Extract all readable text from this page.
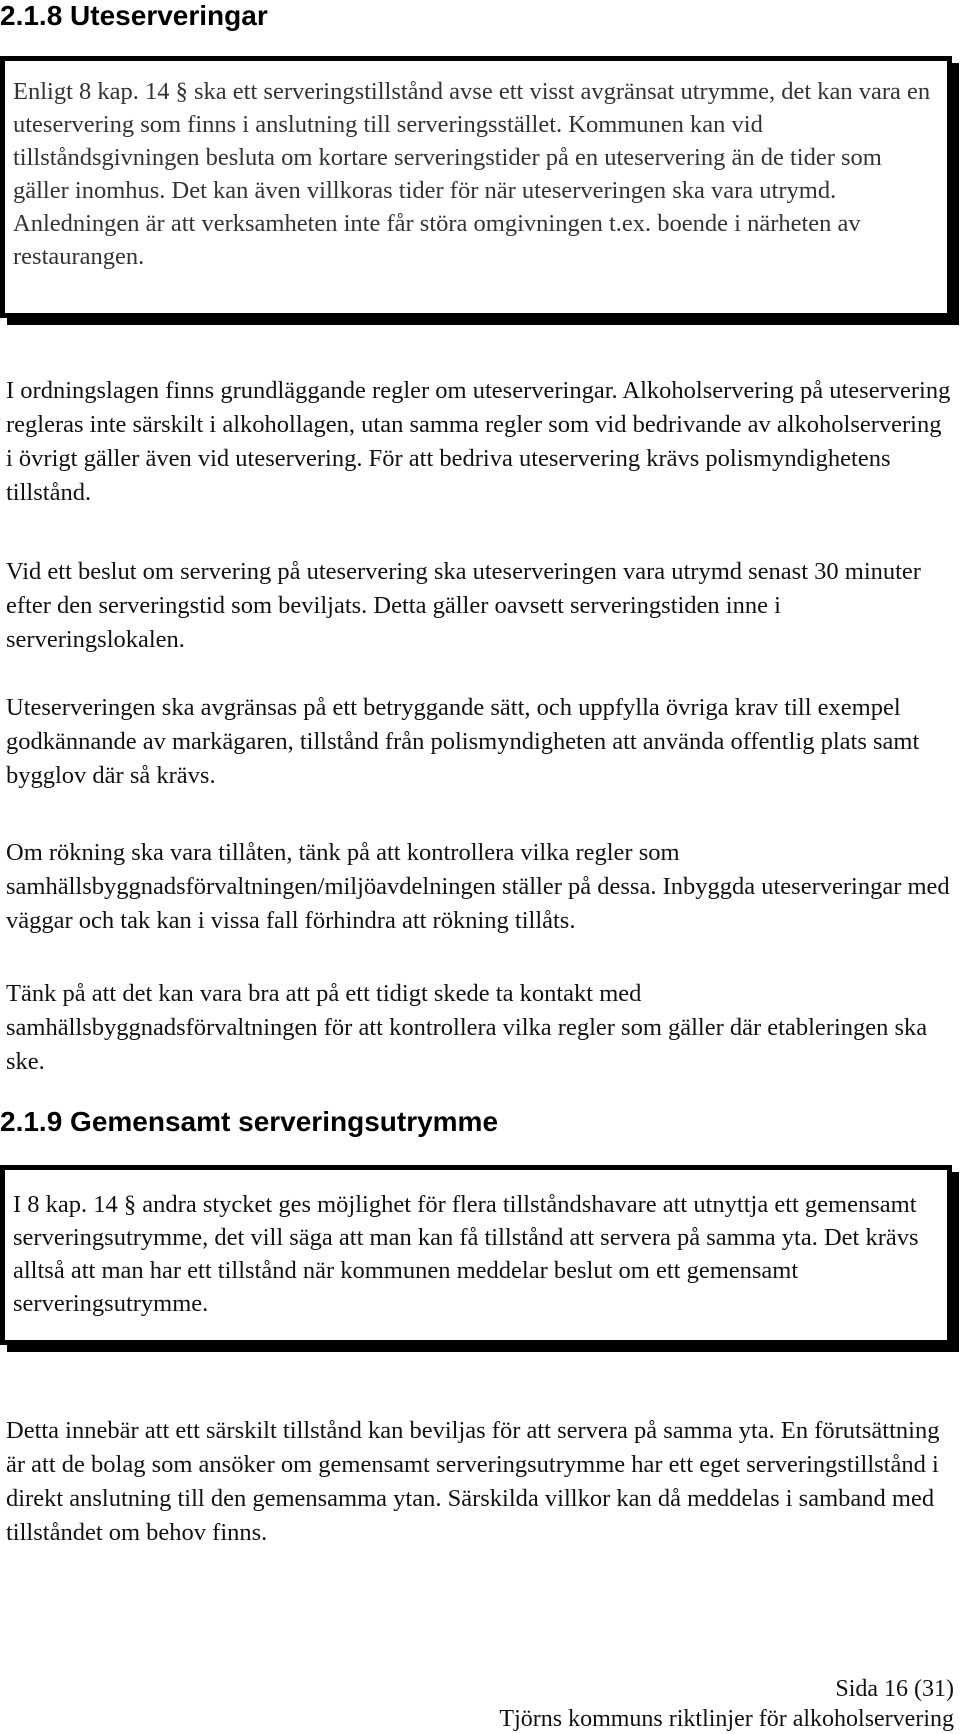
2.1.8 Uteserveringar

Enligt 8 kap. 14 § ska ett serveringstillstånd avse ett visst avgränsat utrymme, det kan vara en uteservering som finns i anslutning till serveringsstället. Kommunen kan vid tillståndsgivningen besluta om kortare serveringstider på en uteservering än de tider som gäller inomhus. Det kan även villkoras tider för när uteserveringen ska vara utrymd. Anledningen är att verksamheten inte får störa omgivningen t.ex. boende i närheten av restaurangen.

I ordningslagen finns grundläggande regler om uteserveringar. Alkoholservering på uteservering regleras inte särskilt i alkohollagen, utan samma regler som vid bedrivande av alkoholservering i övrigt gäller även vid uteservering. För att bedriva uteservering krävs polismyndighetens tillstånd.

Vid ett beslut om servering på uteservering ska uteserveringen vara utrymd senast 30 minuter efter den serveringstid som beviljats. Detta gäller oavsett serveringstiden inne i serveringslokalen.

Uteserveringen ska avgränsas på ett betryggande sätt, och uppfylla övriga krav till exempel godkännande av markägaren, tillstånd från polismyndigheten att använda offentlig plats samt bygglov där så krävs.

Om rökning ska vara tillåten, tänk på att kontrollera vilka regler som samhällsbyggnadsförvaltningen/miljöavdelningen ställer på dessa. Inbyggda uteserveringar med väggar och tak kan i vissa fall förhindra att rökning tillåts.

Tänk på att det kan vara bra att på ett tidigt skede ta kontakt med samhällsbyggnadsförvaltningen för att kontrollera vilka regler som gäller där etableringen ska ske.

2.1.9 Gemensamt serveringsutrymme

I 8 kap. 14 § andra stycket ges möjlighet för flera tillståndshavare att utnyttja ett gemensamt serveringsutrymme, det vill säga att man kan få tillstånd att servera på samma yta. Det krävs alltså att man har ett tillstånd när kommunen meddelar beslut om ett gemensamt serveringsutrymme.

Detta innebär att ett särskilt tillstånd kan beviljas för att servera på samma yta. En förutsättning är att de bolag som ansöker om gemensamt serveringsutrymme har ett eget serveringstillstånd i direkt anslutning till den gemensamma ytan. Särskilda villkor kan då meddelas i samband med tillståndet om behov finns.

Sida 16 (31)

Tjörns kommuns riktlinjer för alkoholservering
